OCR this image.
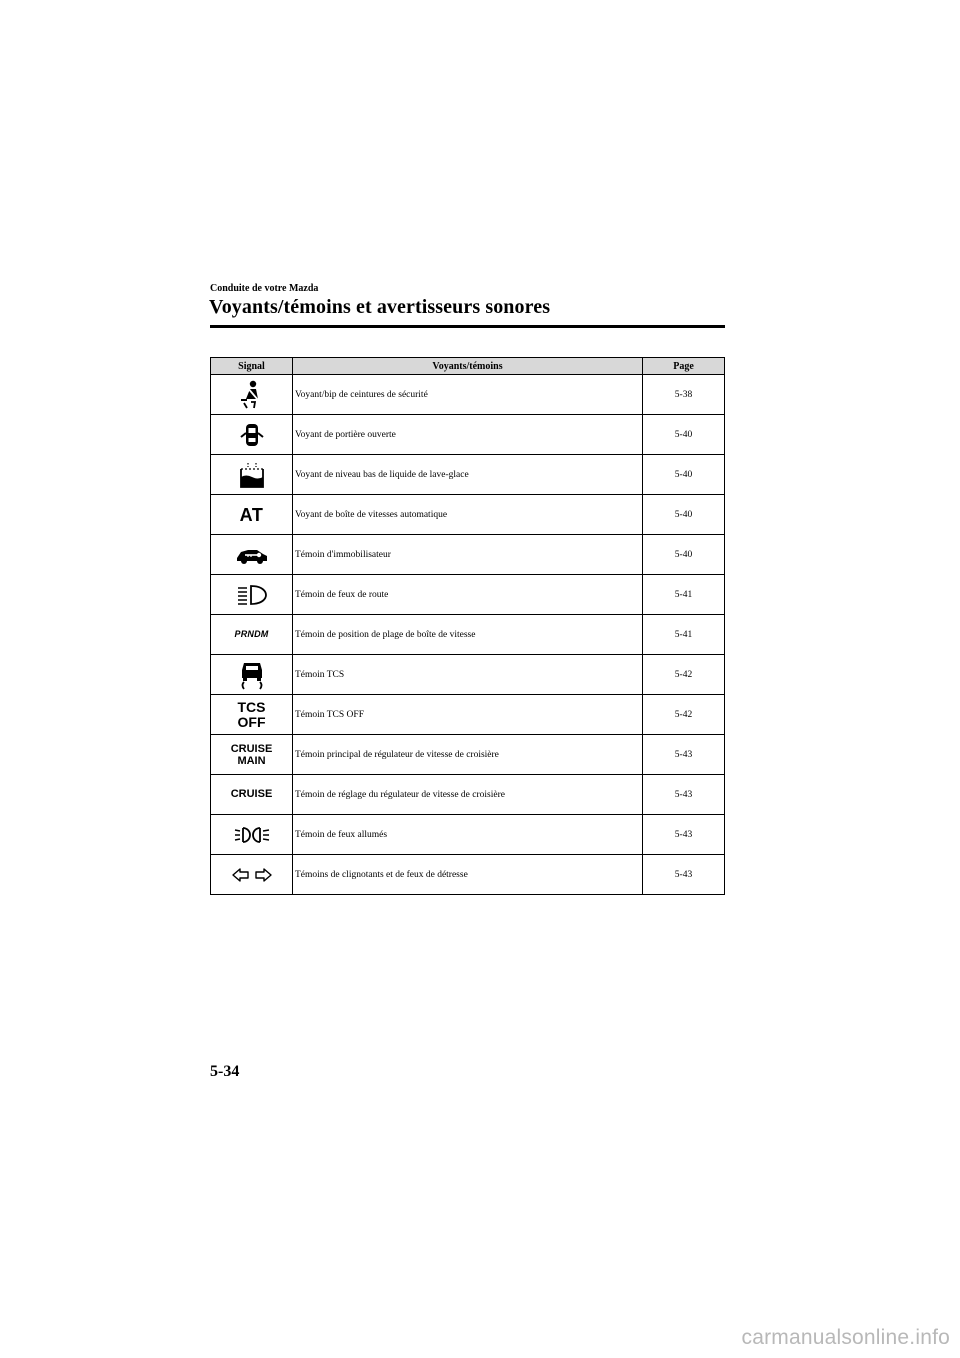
Conduite de votre Mazda
Voyants/témoins et avertisseurs sonores
Signal	Voyants/témoins	Page
	Voyant/bip de ceintures de sécurité	5-38
	Voyant de portière ouverte	5-40
	Voyant de niveau bas de liquide de lave-glace	5-40
AT	Voyant de boîte de vitesses automatique	5-40
	Témoin d'immobilisateur	5-40
	Témoin de feux de route	5-41
PRNDM	Témoin de position de plage de boîte de vitesse	5-41
	Témoin TCS	5-42
TCS
OFF	Témoin TCS OFF	5-42
CRUISE
MAIN	Témoin principal de régulateur de vitesse de croisière	5-43
CRUISE	Témoin de réglage du régulateur de vitesse de croisière	5-43
	Témoin de feux allumés	5-43
	Témoins de clignotants et de feux de détresse	5-43
5-34
carmanualsonline.info
